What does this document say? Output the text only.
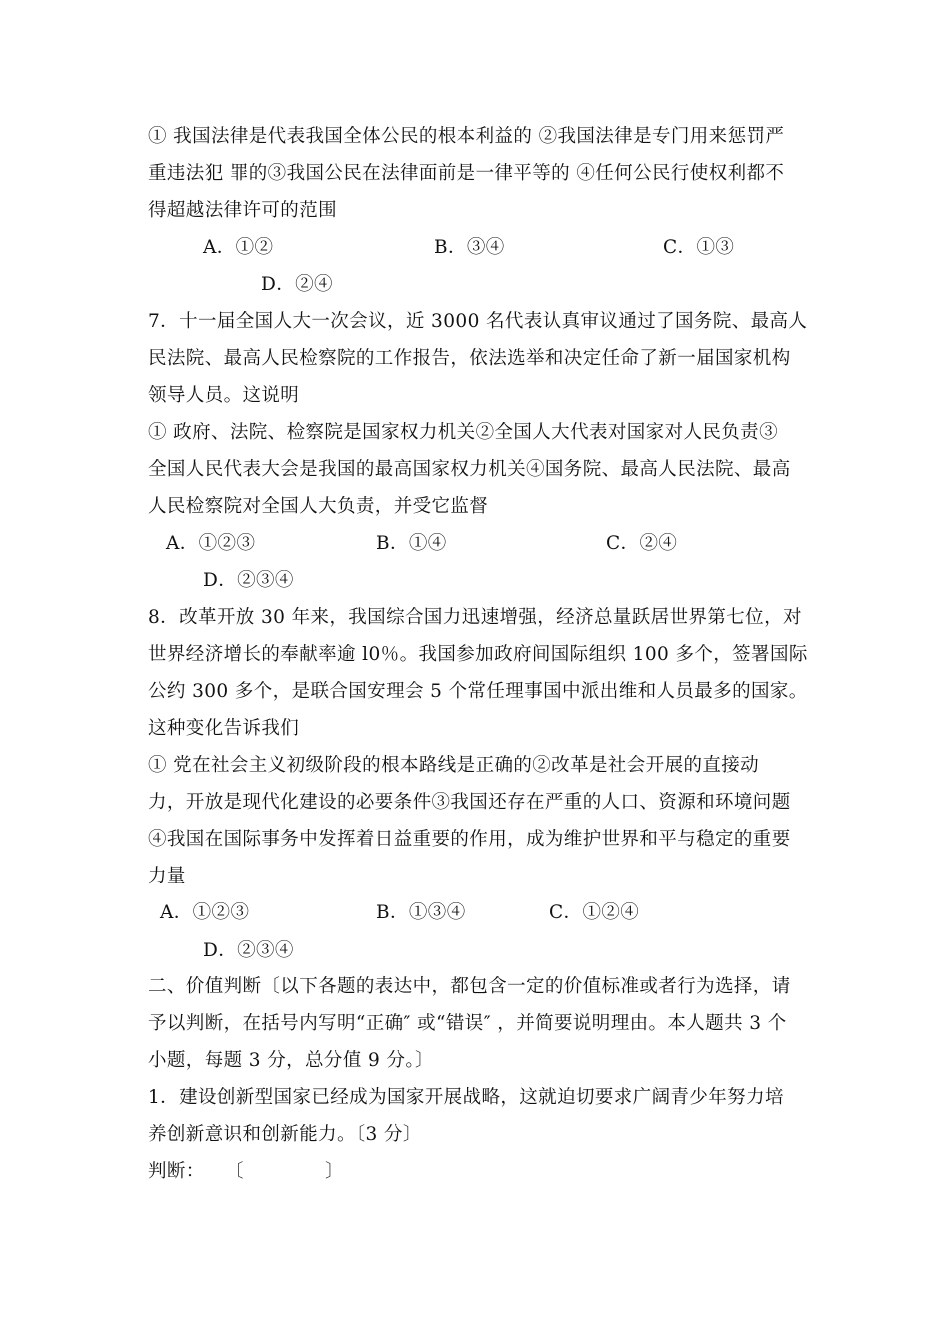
① 我国法律是代表我国全体公民的根本利益的 ②我国法律是专门用来惩罚严
重违法犯 罪的③我国公民在法律面前是一律平等的 ④任何公民行使权利都不
得超越法律许可的范围
A．①②	B．③④	C．①③
D．②④
7．十一届全国人大一次会议，近 3000 名代表认真审议通过了国务院、最高人
民法院、最高人民检察院的工作报告，依法选举和决定任命了新一届国家机构
领导人员。这说明
① 政府、法院、检察院是国家权力机关②全国人大代表对国家对人民负责③
全国人民代表大会是我国的最高国家权力机关④国务院、最高人民法院、最高
人民检察院对全国人大负责，并受它监督
A．①②③	B．①④	C．②④
D．②③④
8．改革开放 30 年来，我国综合国力迅速增强，经济总量跃居世界第七位，对
世界经济增长的奉献率逾 l0％。我国参加政府间国际组织 100 多个，签署国际
公约 300 多个，是联合国安理会 5 个常任理事国中派出维和人员最多的国家。
这种变化告诉我们
① 党在社会主义初级阶段的根本路线是正确的②改革是社会开展的直接动
力，开放是现代化建设的必要条件③我国还存在严重的人口、资源和环境问题
④我国在国际事务中发挥着日益重要的作用，成为维护世界和平与稳定的重要
力量
A．①②③	B．①③④	C．①②④
D．②③④
二、价值判断〔以下各题的表达中，都包含一定的价值标准或者行为选择，请
予以判断，在括号内写明“正确″ 或“错误″ ，并简要说明理由。本人题共 3 个
小题，每题 3 分，总分值 9 分。〕
1．建设创新型国家已经成为国家开展战略，这就迫切要求广阔青少年努力培
养创新意识和创新能力。〔3 分〕
判断： 〔	〕
